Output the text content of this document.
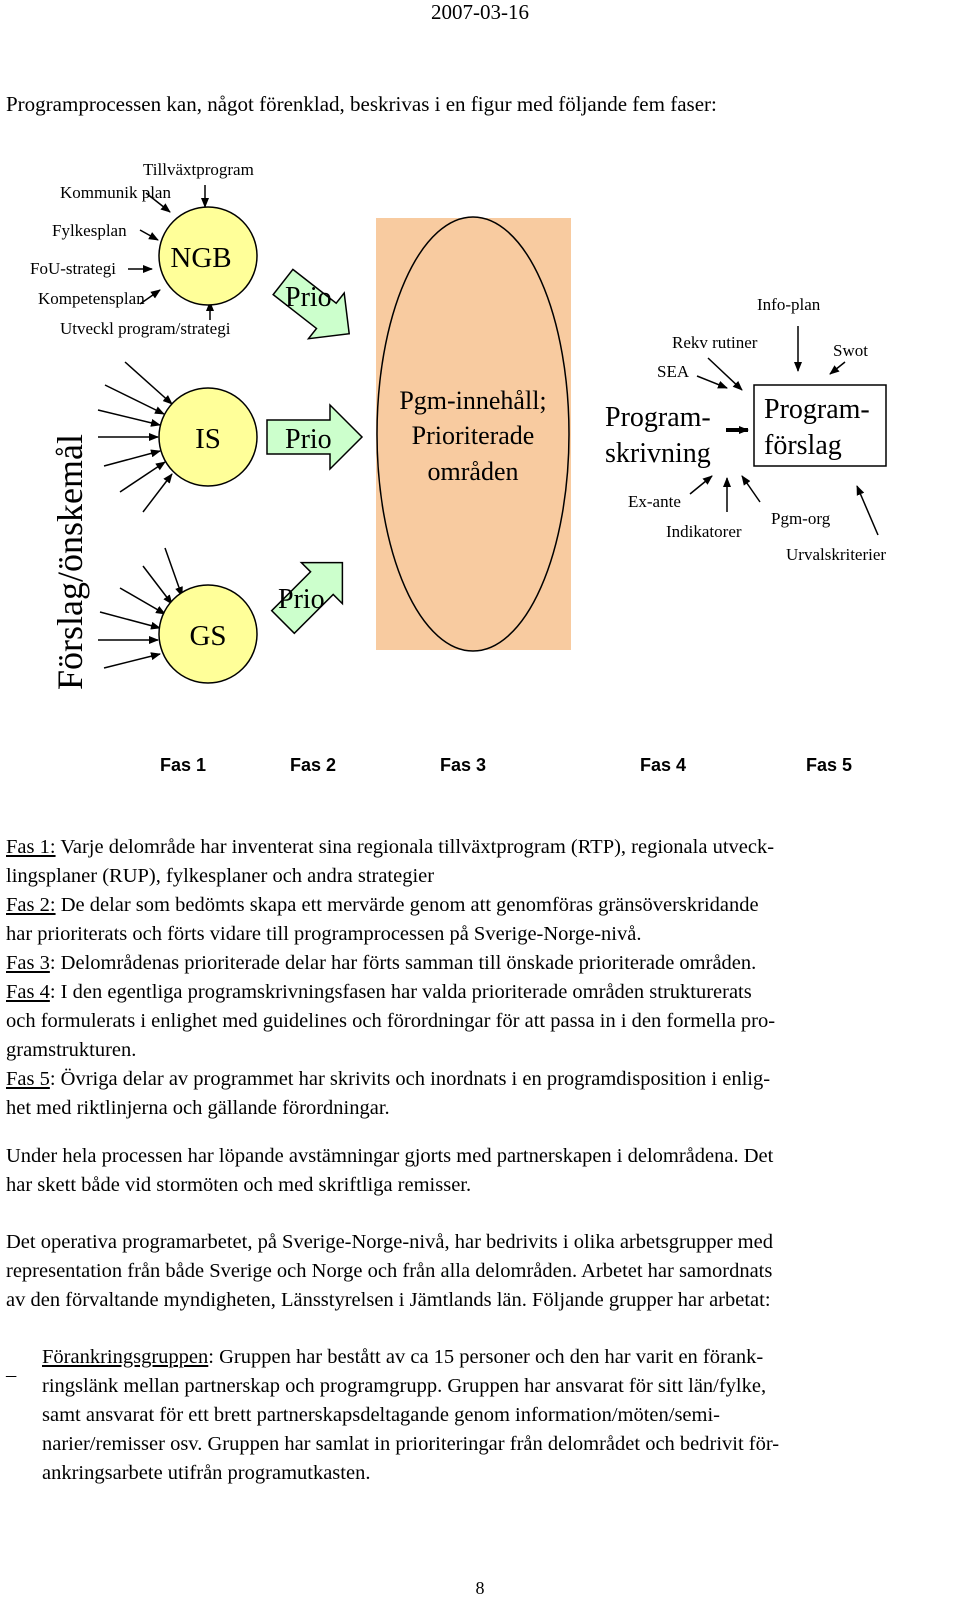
2007-03-16
Programprocessen kan, något förenklad, beskrivas i en figur med följande fem faser:
Förslag/önskemål
Tillväxtprogram
Kommunik plan
Fylkesplan
FoU-strategi
Kompetensplan
Utveckl program/strategi
NGB
IS
GS
Prio
Prio
Prio
Pgm-innehåll;
Prioriterade
områden
Program-
skrivning
Program-
förslag
Rekv rutiner
SEA
Ex-ante
Indikatorer
Info-plan
Swot
Pgm-org
Urvalskriterier
Fas 1	Fas 2	Fas 3	Fas 4	Fas 5
Fas 1: Varje delområde har inventerat sina regionala tillväxtprogram (RTP), regionala utveck-
lingsplaner (RUP), fylkesplaner och andra strategier
Fas 2: De delar som bedömts skapa ett mervärde genom att genomföras gränsöverskridande
har prioriterats och förts vidare till programprocessen på Sverige-Norge-nivå.
Fas 3: Delområdenas prioriterade delar har förts samman till önskade prioriterade områden.
Fas 4: I den egentliga programskrivningsfasen har valda prioriterade områden strukturerats
och formulerats i enlighet med guidelines och förordningar för att passa in i den formella pro-
gramstrukturen.
Fas 5: Övriga delar av programmet har skrivits och inordnats i en programdisposition i enlig-
het med riktlinjerna och gällande förordningar.
Under hela processen har löpande avstämningar gjorts med partnerskapen i delområdena. Det
har skett både vid stormöten och med skriftliga remisser.
Det operativa programarbetet, på Sverige-Norge-nivå, har bedrivits i olika arbetsgrupper med
representation från både Sverige och Norge och från alla delområden. Arbetet har samordnats
av den förvaltande myndigheten, Länsstyrelsen i Jämtlands län. Följande grupper har arbetat:
–
Förankringsgruppen: Gruppen har bestått av ca 15 personer och den har varit en förank-
ringslänk mellan partnerskap och programgrupp. Gruppen har ansvarat för sitt län/fylke,
samt ansvarat för ett brett partnerskapsdeltagande genom information/möten/semi-
narier/remisser osv. Gruppen har samlat in prioriteringar från delområdet och bedrivit för-
ankringsarbete utifrån programutkasten.
8
